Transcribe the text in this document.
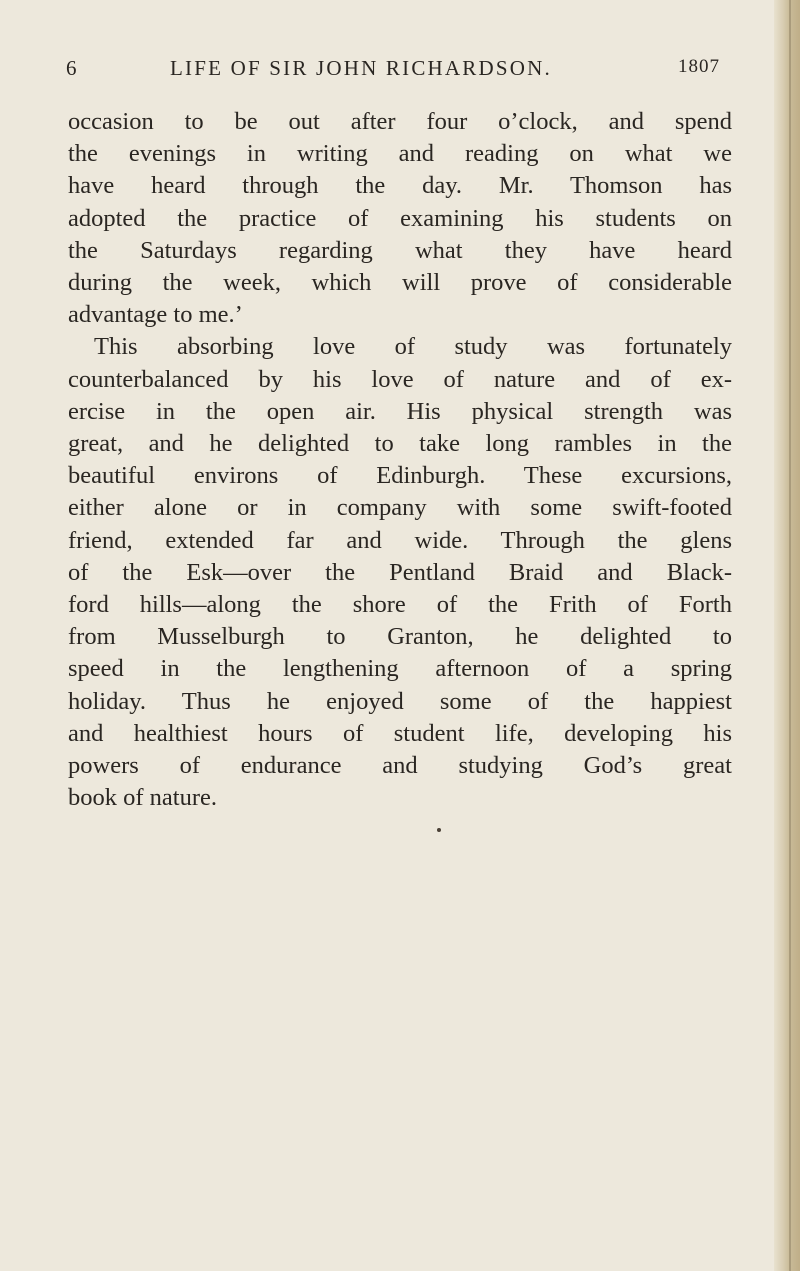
6	LIFE OF SIR JOHN RICHARDSON.	1807
occasion to be out after four o’clock, and spend
the evenings in writing and reading on what we
have heard through the day. Mr. Thomson has
adopted the practice of examining his students on
the Saturdays regarding what they have heard
during the week, which will prove of considerable
advantage to me.’
This absorbing love of study was fortunately
counterbalanced by his love of nature and of ex-
ercise in the open air. His physical strength was
great, and he delighted to take long rambles in the
beautiful environs of Edinburgh. These excursions,
either alone or in company with some swift-footed
friend, extended far and wide. Through the glens
of the Esk—over the Pentland Braid and Black-
ford hills—along the shore of the Frith of Forth
from Musselburgh to Granton, he delighted to
speed in the lengthening afternoon of a spring
holiday. Thus he enjoyed some of the happiest
and healthiest hours of student life, developing his
powers of endurance and studying God’s great
book of nature.
